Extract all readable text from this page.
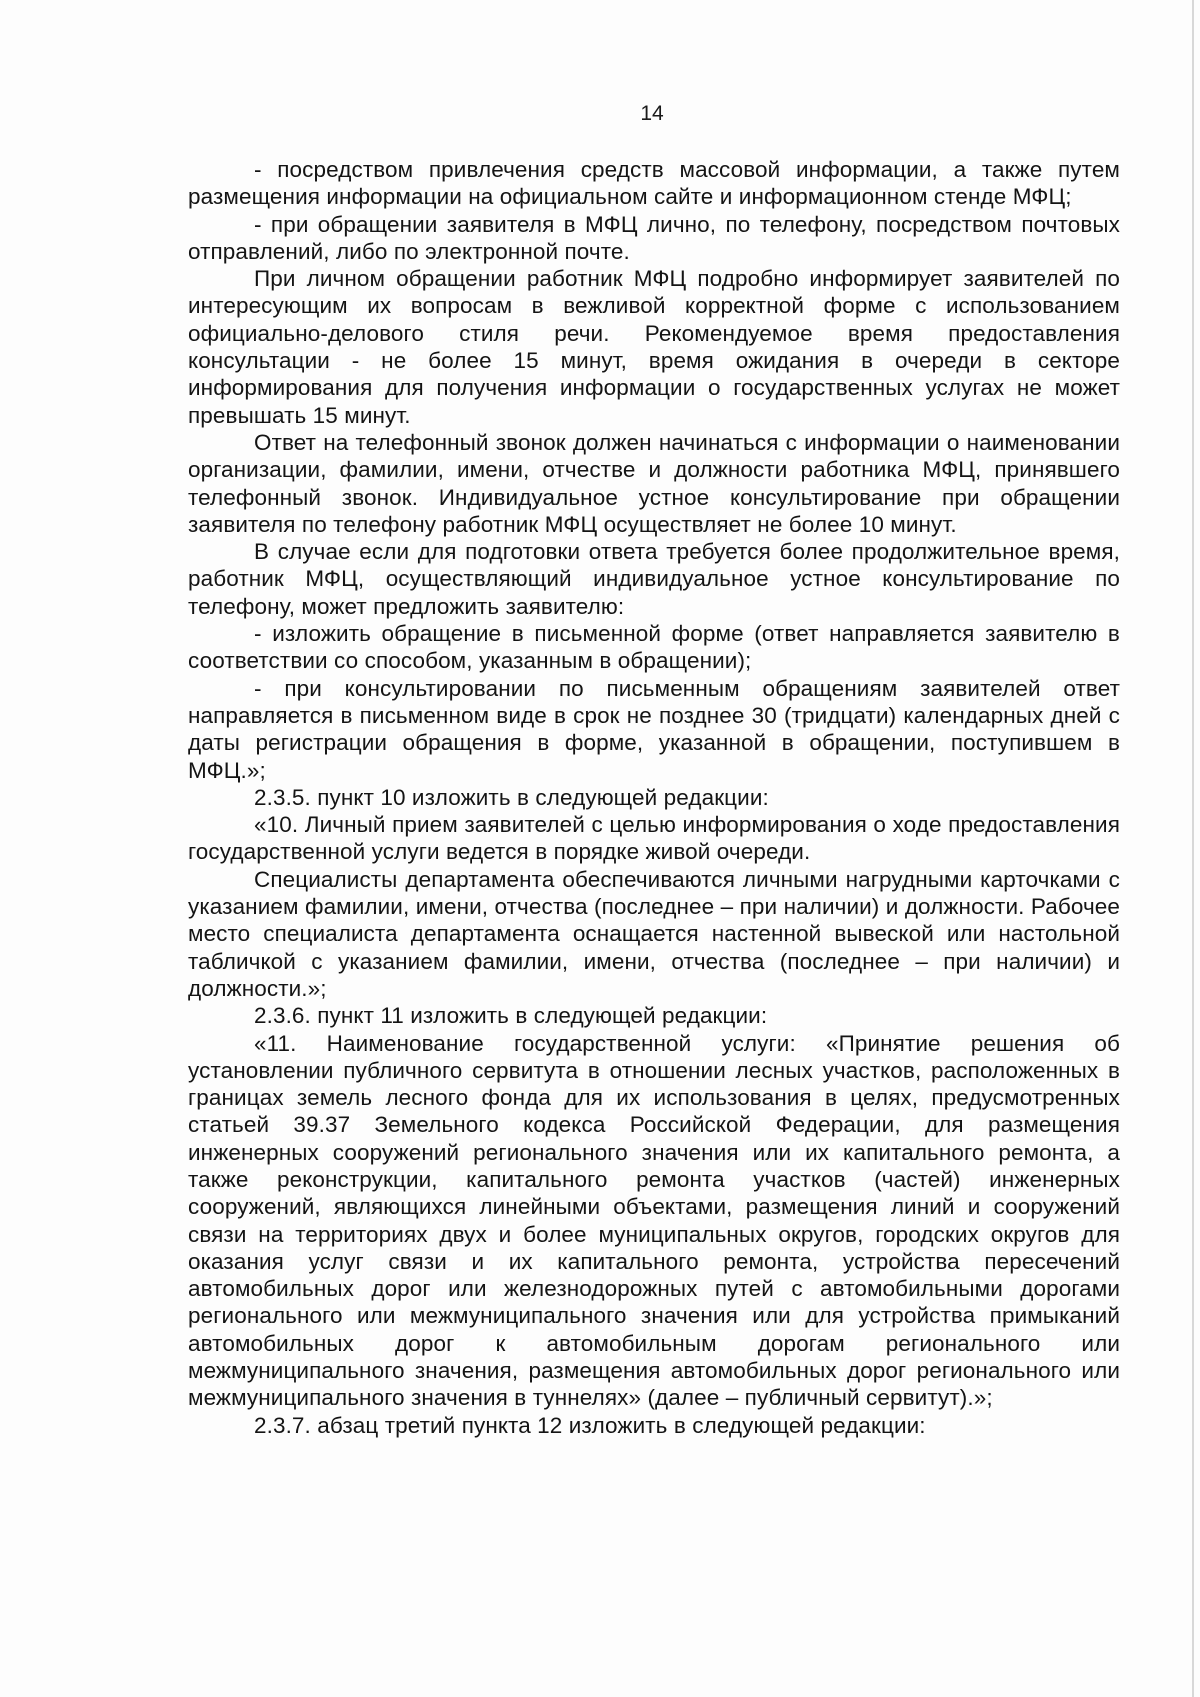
14

- посредством привлечения средств массовой информации, а также путем размещения информации на официальном сайте и информационном стенде МФЦ;

- при обращении заявителя в МФЦ лично, по телефону, посредством почтовых отправлений, либо по электронной почте.

При личном обращении работник МФЦ подробно информирует заявителей по интересующим их вопросам в вежливой корректной форме с использованием официально-делового стиля речи. Рекомендуемое время предоставления консультации - не более 15 минут, время ожидания в очереди в секторе информирования для получения информации о государственных услугах не может превышать 15 минут.

Ответ на телефонный звонок должен начинаться с информации о наименовании организации, фамилии, имени, отчестве и должности работника МФЦ, принявшего телефонный звонок. Индивидуальное устное консультирование при обращении заявителя по телефону работник МФЦ осуществляет не более 10 минут.

В случае если для подготовки ответа требуется более продолжительное время, работник МФЦ, осуществляющий индивидуальное устное консультирование по телефону, может предложить заявителю:

- изложить обращение в письменной форме (ответ направляется заявителю в соответствии со способом, указанным в обращении);

- при консультировании по письменным обращениям заявителей ответ направляется в письменном виде в срок не позднее 30 (тридцати) календарных дней с даты регистрации обращения в форме, указанной в обращении, поступившем в МФЦ.»;

2.3.5. пункт 10 изложить в следующей редакции:

«10. Личный прием заявителей с целью информирования о ходе предоставления государственной услуги ведется в порядке живой очереди.

Специалисты департамента обеспечиваются личными нагрудными карточками с указанием фамилии, имени, отчества (последнее – при наличии) и должности. Рабочее место специалиста департамента оснащается настенной вывеской или настольной табличкой с указанием фамилии, имени, отчества (последнее – при наличии) и должности.»;

2.3.6. пункт 11 изложить в следующей редакции:

«11. Наименование государственной услуги: «Принятие решения об установлении публичного сервитута в отношении лесных участков, расположенных в границах земель лесного фонда для их использования в целях, предусмотренных статьей 39.37 Земельного кодекса Российской Федерации, для размещения инженерных сооружений регионального значения или их капитального ремонта, а также реконструкции, капитального ремонта участков (частей) инженерных сооружений, являющихся линейными объектами, размещения линий и сооружений связи на территориях двух и более муниципальных округов, городских округов для оказания услуг связи и их капитального ремонта, устройства пересечений автомобильных дорог или железнодорожных путей с автомобильными дорогами регионального или межмуниципального значения или для устройства примыканий автомобильных дорог к автомобильным дорогам регионального или межмуниципального значения, размещения автомобильных дорог регионального или межмуниципального значения в туннелях» (далее – публичный сервитут).»;

2.3.7. абзац третий пункта 12 изложить в следующей редакции:
